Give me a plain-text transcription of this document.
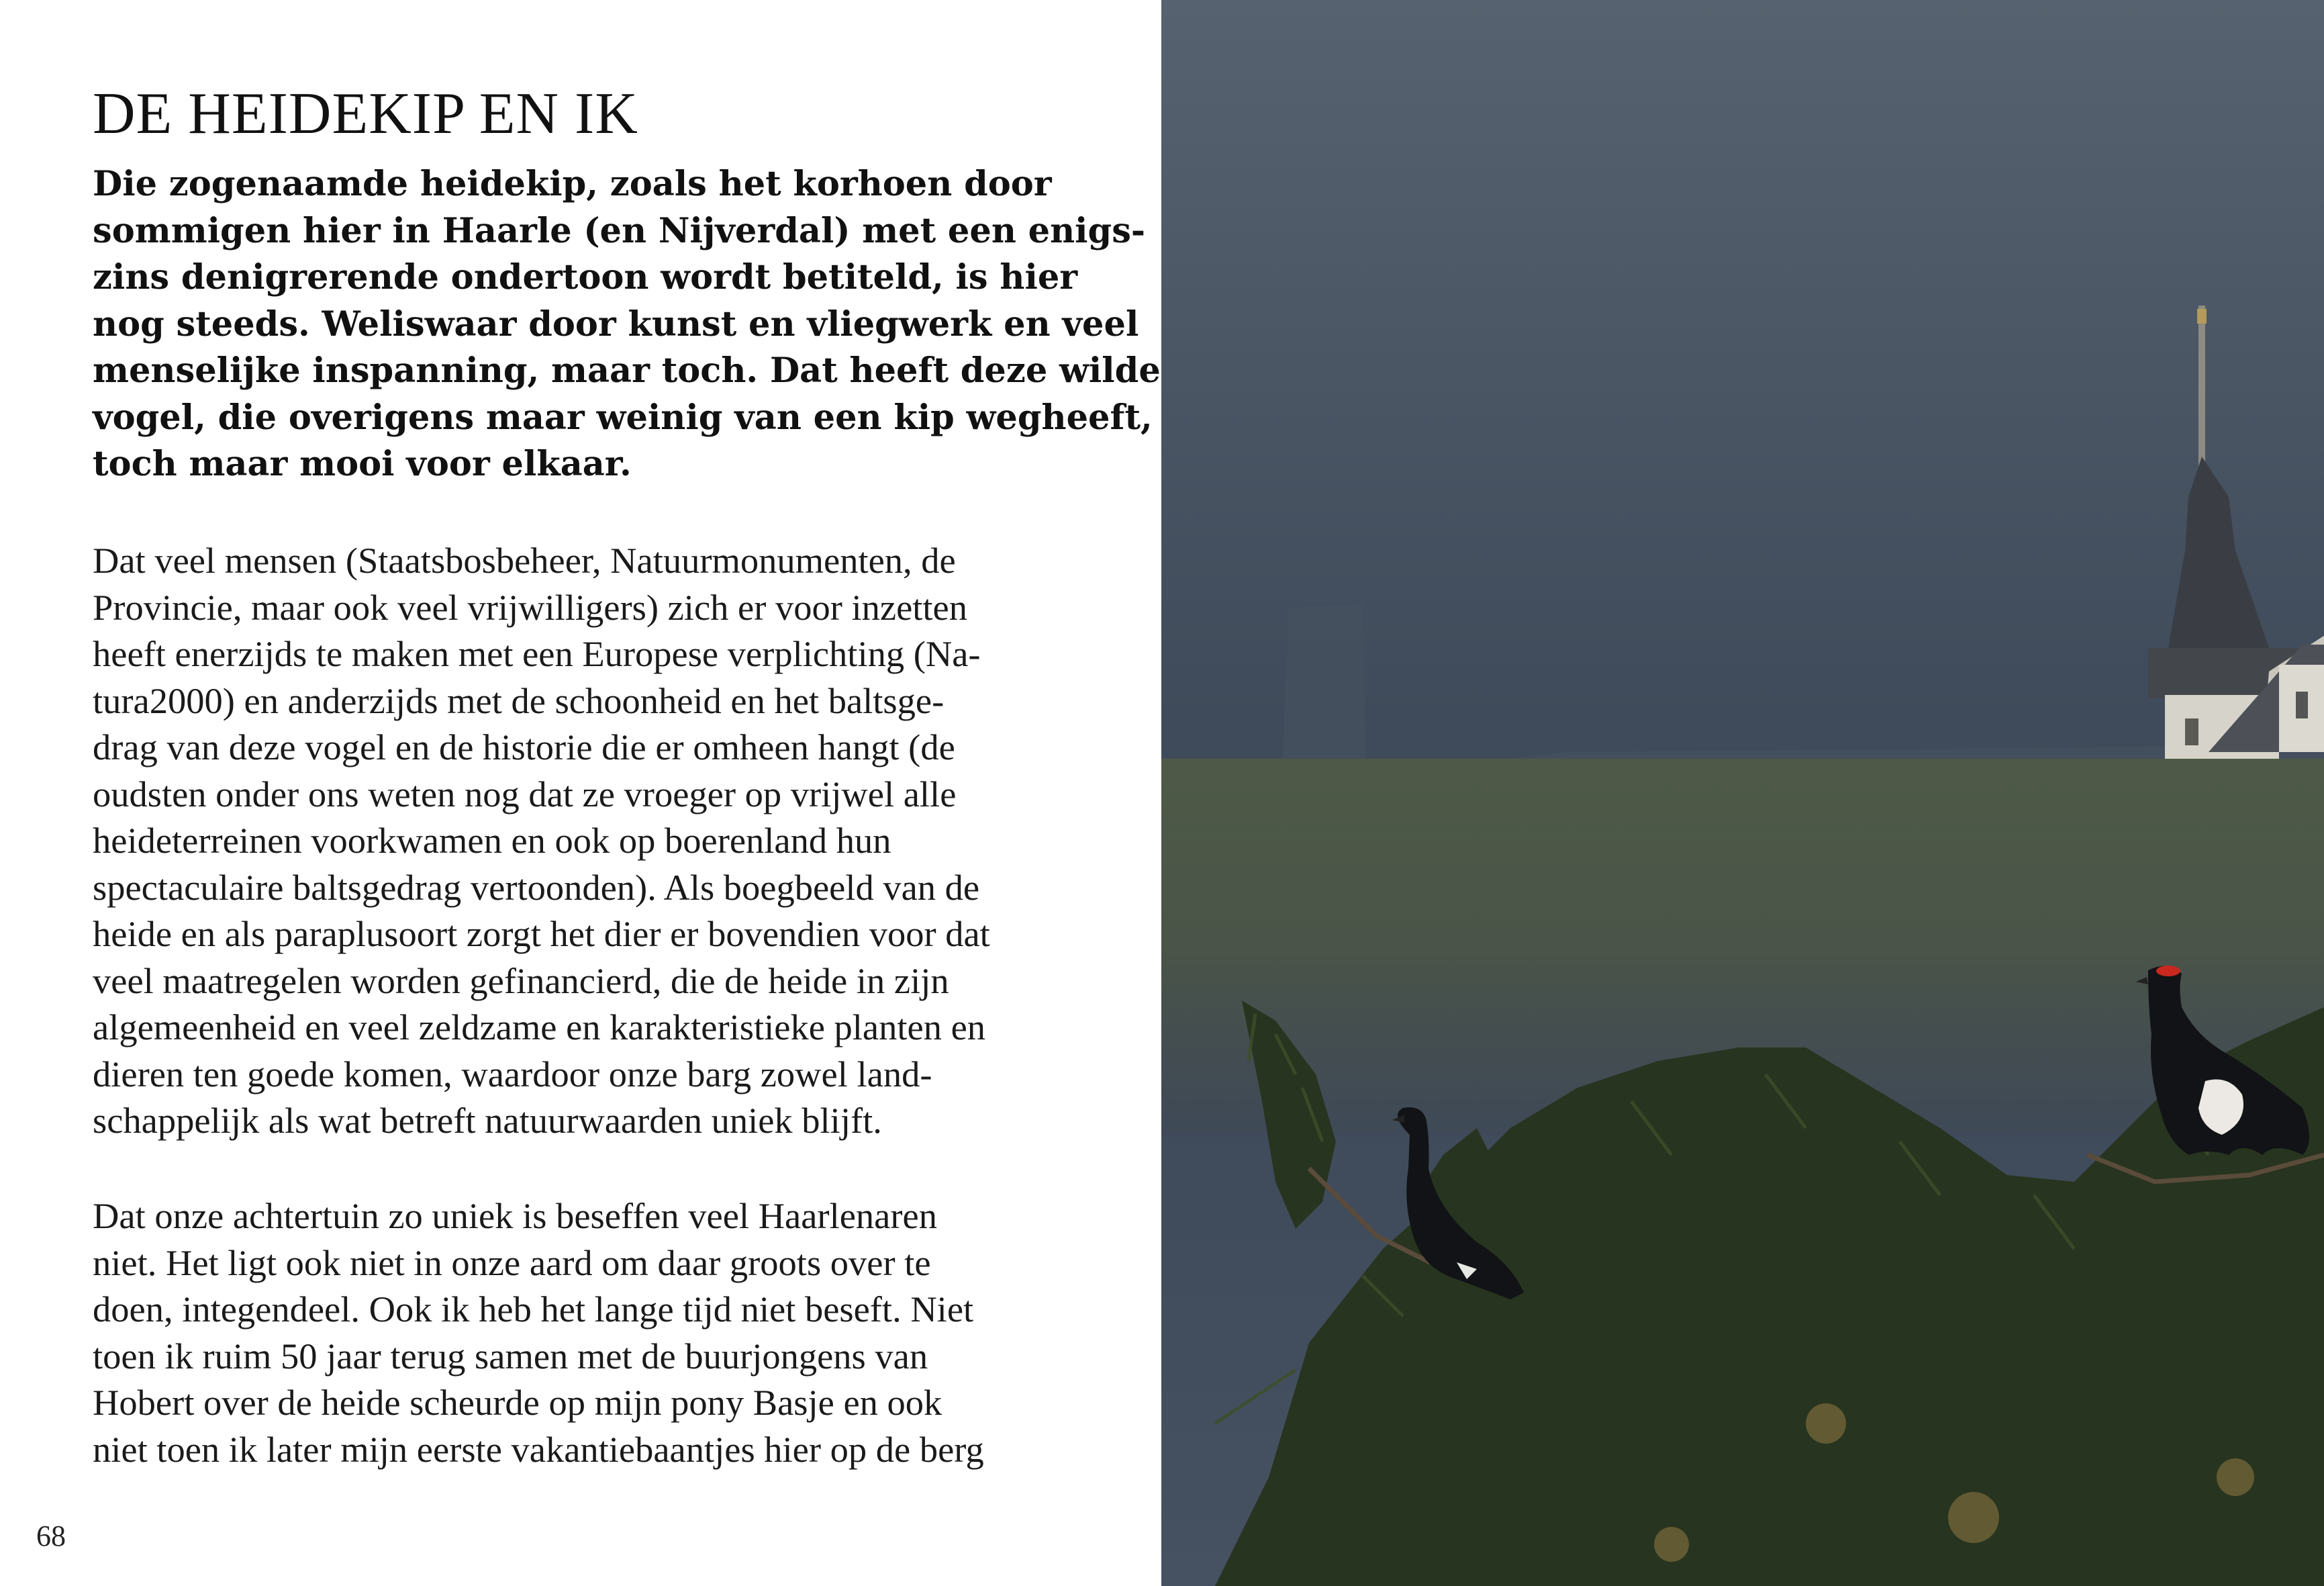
DE HEIDEKIP EN IK

Die zogenaamde heidekip, zoals het korhoen door
sommigen hier in Haarle (en Nijverdal) met een enigs-
zins denigrerende ondertoon wordt betiteld, is hier
nog steeds. Weliswaar door kunst en vliegwerk en veel
menselijke inspanning, maar toch. Dat heeft deze wilde
vogel, die overigens maar weinig van een kip wegheeft,
toch maar mooi voor elkaar.

Dat veel mensen (Staatsbosbeheer, Natuurmonumenten, de
Provincie, maar ook veel vrijwilligers) zich er voor inzetten
heeft enerzijds te maken met een Europese verplichting (Na-
tura2000) en anderzijds met de schoonheid en het baltsge-
drag van deze vogel en de historie die er omheen hangt (de
oudsten onder ons weten nog dat ze vroeger op vrijwel alle
heideterreinen voorkwamen en ook op boerenland hun
spectaculaire baltsgedrag vertoonden). Als boegbeeld van de
heide en als paraplusoort zorgt het dier er bovendien voor dat
veel maatregelen worden gefinancierd, die de heide in zijn
algemeenheid en veel zeldzame en karakteristieke planten en
dieren ten goede komen, waardoor onze barg zowel land-
schappelijk als wat betreft natuurwaarden uniek blijft.

Dat onze achtertuin zo uniek is beseffen veel Haarlenaren
niet. Het ligt ook niet in onze aard om daar groots over te
doen, integendeel. Ook ik heb het lange tijd niet beseft. Niet
toen ik ruim 50 jaar terug samen met de buurjongens van
Hobert over de heide scheurde op mijn pony Basje en ook
niet toen ik later mijn eerste vakantiebaantjes hier op de berg

68
